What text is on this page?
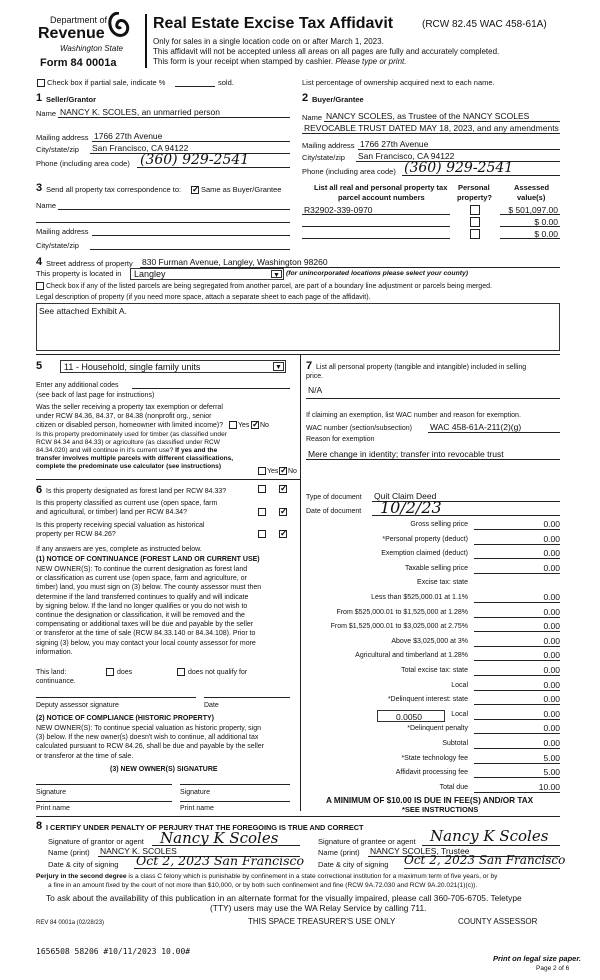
Department of
Revenue
Washington State
Form 84 0001a
Real Estate Excise Tax Affidavit	(RCW 82.45 WAC 458-61A)
Only for sales in a single location code on or after March 1, 2023.
This affidavit will not be accepted unless all areas on all pages are fully and accurately completed.
This form is your receipt when stamped by cashier. Please type or print.
Check box if partial sale, indicate %	sold.	List percentage of ownership acquired next to each name.
1 Seller/Grantor
Name NANCY K. SCOLES, an unmarried person
Mailing address 1766 27th Avenue
City/state/zip San Francisco, CA 94122
Phone (including area code) (360) 929-2541
2 Buyer/Grantee
Name NANCY SCOLES, as Trustee of the NANCY SCOLES
REVOCABLE TRUST DATED MAY 18, 2023, and any amendments
Mailing address 1766 27th Avenue
City/state/zip San Francisco, CA 94122
Phone (including area code) (360) 929-2541
3 Send all property tax correspondence to: ✓	Same as Buyer/Grantee
Name
Mailing address
City/state/zip
List all real and personal property tax
parcel account numbers
Personal
property?
Assessed
value(s)
R32902-339-0970	$ 501,097.00
$ 0.00
$ 0.00
4 Street address of property 830 Furman Avenue, Langley, Washington 98260
This property is located in Langley	▼ (for unincorporated locations please select your county)
Check box if any of the listed parcels are being segregated from another parcel, are part of a boundary line adjustment or parcels being merged.
Legal description of property (if you need more space, attach a separate sheet to each page of the affidavit).
See attached Exhibit A.
5 11 - Household, single family units	▼
Enter any additional codes
(see back of last page for instructions)
Was the seller receiving a property tax exemption or deferral
under RCW 84.36, 84.37, or 84.38 (nonprofit org., senior
citizen or disabled person, homeowner with limited income)? Yes ✓ No
Is this property predominately used for timber (as classified under
RCW 84.34 and 84.33) or agriculture (as classified under RCW
84.34.020) and will continue in it's current use? If yes and the
transfer involves multiple parcels with different classifications,
complete the predominate use calculator (see instructions)
Yes ✓ No
6 Is this property designated as forest land per RCW 84.33?
✓
Is this property classified as current use (open space, farm
and agricultural, or timber) land per RCW 84.34?
✓
Is this property receiving special valuation as historical
property per RCW 84.26?
✓
If any answers are yes, complete as instructed below.
(1) NOTICE OF CONTINUANCE (FOREST LAND OR CURRENT USE)
NEW OWNER(S): To continue the current designation as forest land
or classification as current use (open space, farm and agriculture, or
timber) land, you must sign on (3) below. The county assessor must then
determine if the land transferred continues to qualify and will indicate
by signing below. If the land no longer qualifies or you do not wish to
continue the designation or classification, it will be removed and the
compensating or additional taxes will be due and payable by the seller
or transferor at the time of sale (RCW 84.33.140 or 84.34.108). Prior to
signing (3) below, you may contact your local county assessor for more
information.
This land:	does	does not qualify for
continuance.
Deputy assessor signature	Date
(2) NOTICE OF COMPLIANCE (HISTORIC PROPERTY)
NEW OWNER(S): To continue special valuation as historic property, sign
(3) below. If the new owner(s) doesn't wish to continue, all additional tax
calculated pursuant to RCW 84.26, shall be due and payable by the seller
or transferor at the time of sale.
(3) NEW OWNER(S) SIGNATURE
Signature	Signature
Print name	Print name
7 List all personal property (tangible and intangible) included in selling
price.
N/A
If claiming an exemption, list WAC number and reason for exemption.
WAC number (section/subsection) WAC 458-61A-211(2)(g)
Reason for exemption
Mere change in identity; transfer into revocable trust
Type of document Quit Claim Deed
Date of document 10/2/23
Gross selling price	0.00
*Personal property (deduct)	0.00
Exemption claimed (deduct)	0.00
Taxable selling price	0.00
Excise tax: state
Less than $525,000.01 at 1.1%	0.00
From $525,000.01 to $1,525,000 at 1.28%	0.00
From $1,525,000.01 to $3,025,000 at 2.75%	0.00
Above $3,025,000 at 3%	0.00
Agricultural and timberland at 1.28%	0.00
Total excise tax: state	0.00
Local	0.00
*Delinquent interest: state	0.00
Local	0.00
*Delinquent penalty	0.00
Subtotal	0.00
*State technology fee	5.00
Affidavit processing fee	5.00
Total due	10.00
0.0050
A MINIMUM OF $10.00 IS DUE IN FEE(S) AND/OR TAX
*SEE INSTRUCTIONS
8 I CERTIFY UNDER PENALTY OF PERJURY THAT THE FOREGOING IS TRUE AND CORRECT
Signature of grantor or agent Nancy K Scoles
Name (print) NANCY K. SCOLES
Date & city of signing Oct 2, 2023 San Francisco
Signature of grantee or agent Nancy K Scoles
Name (print) NANCY SCOLES, Trustee
Date & city of signing Oct 2, 2023 San Francisco
Perjury in the second degree is a class C felony which is punishable by confinement in a state correctional institution for a maximum term of five years, or by
a fine in an amount fixed by the court of not more than $10,000, or by both such confinement and fine (RCW 9A.72.030 and RCW 9A.20.021(1)(c)).
To ask about the availability of this publication in an alternate format for the visually impaired, please call 360-705-6705. Teletype
(TTY) users may use the WA Relay Service by calling 711.
REV 84 0001a (02/28/23)	THIS SPACE TREASURER'S USE ONLY	COUNTY ASSESSOR
1656508 58206 #10/11/2023 10.00#
Print on legal size paper.
Page 2 of 6
